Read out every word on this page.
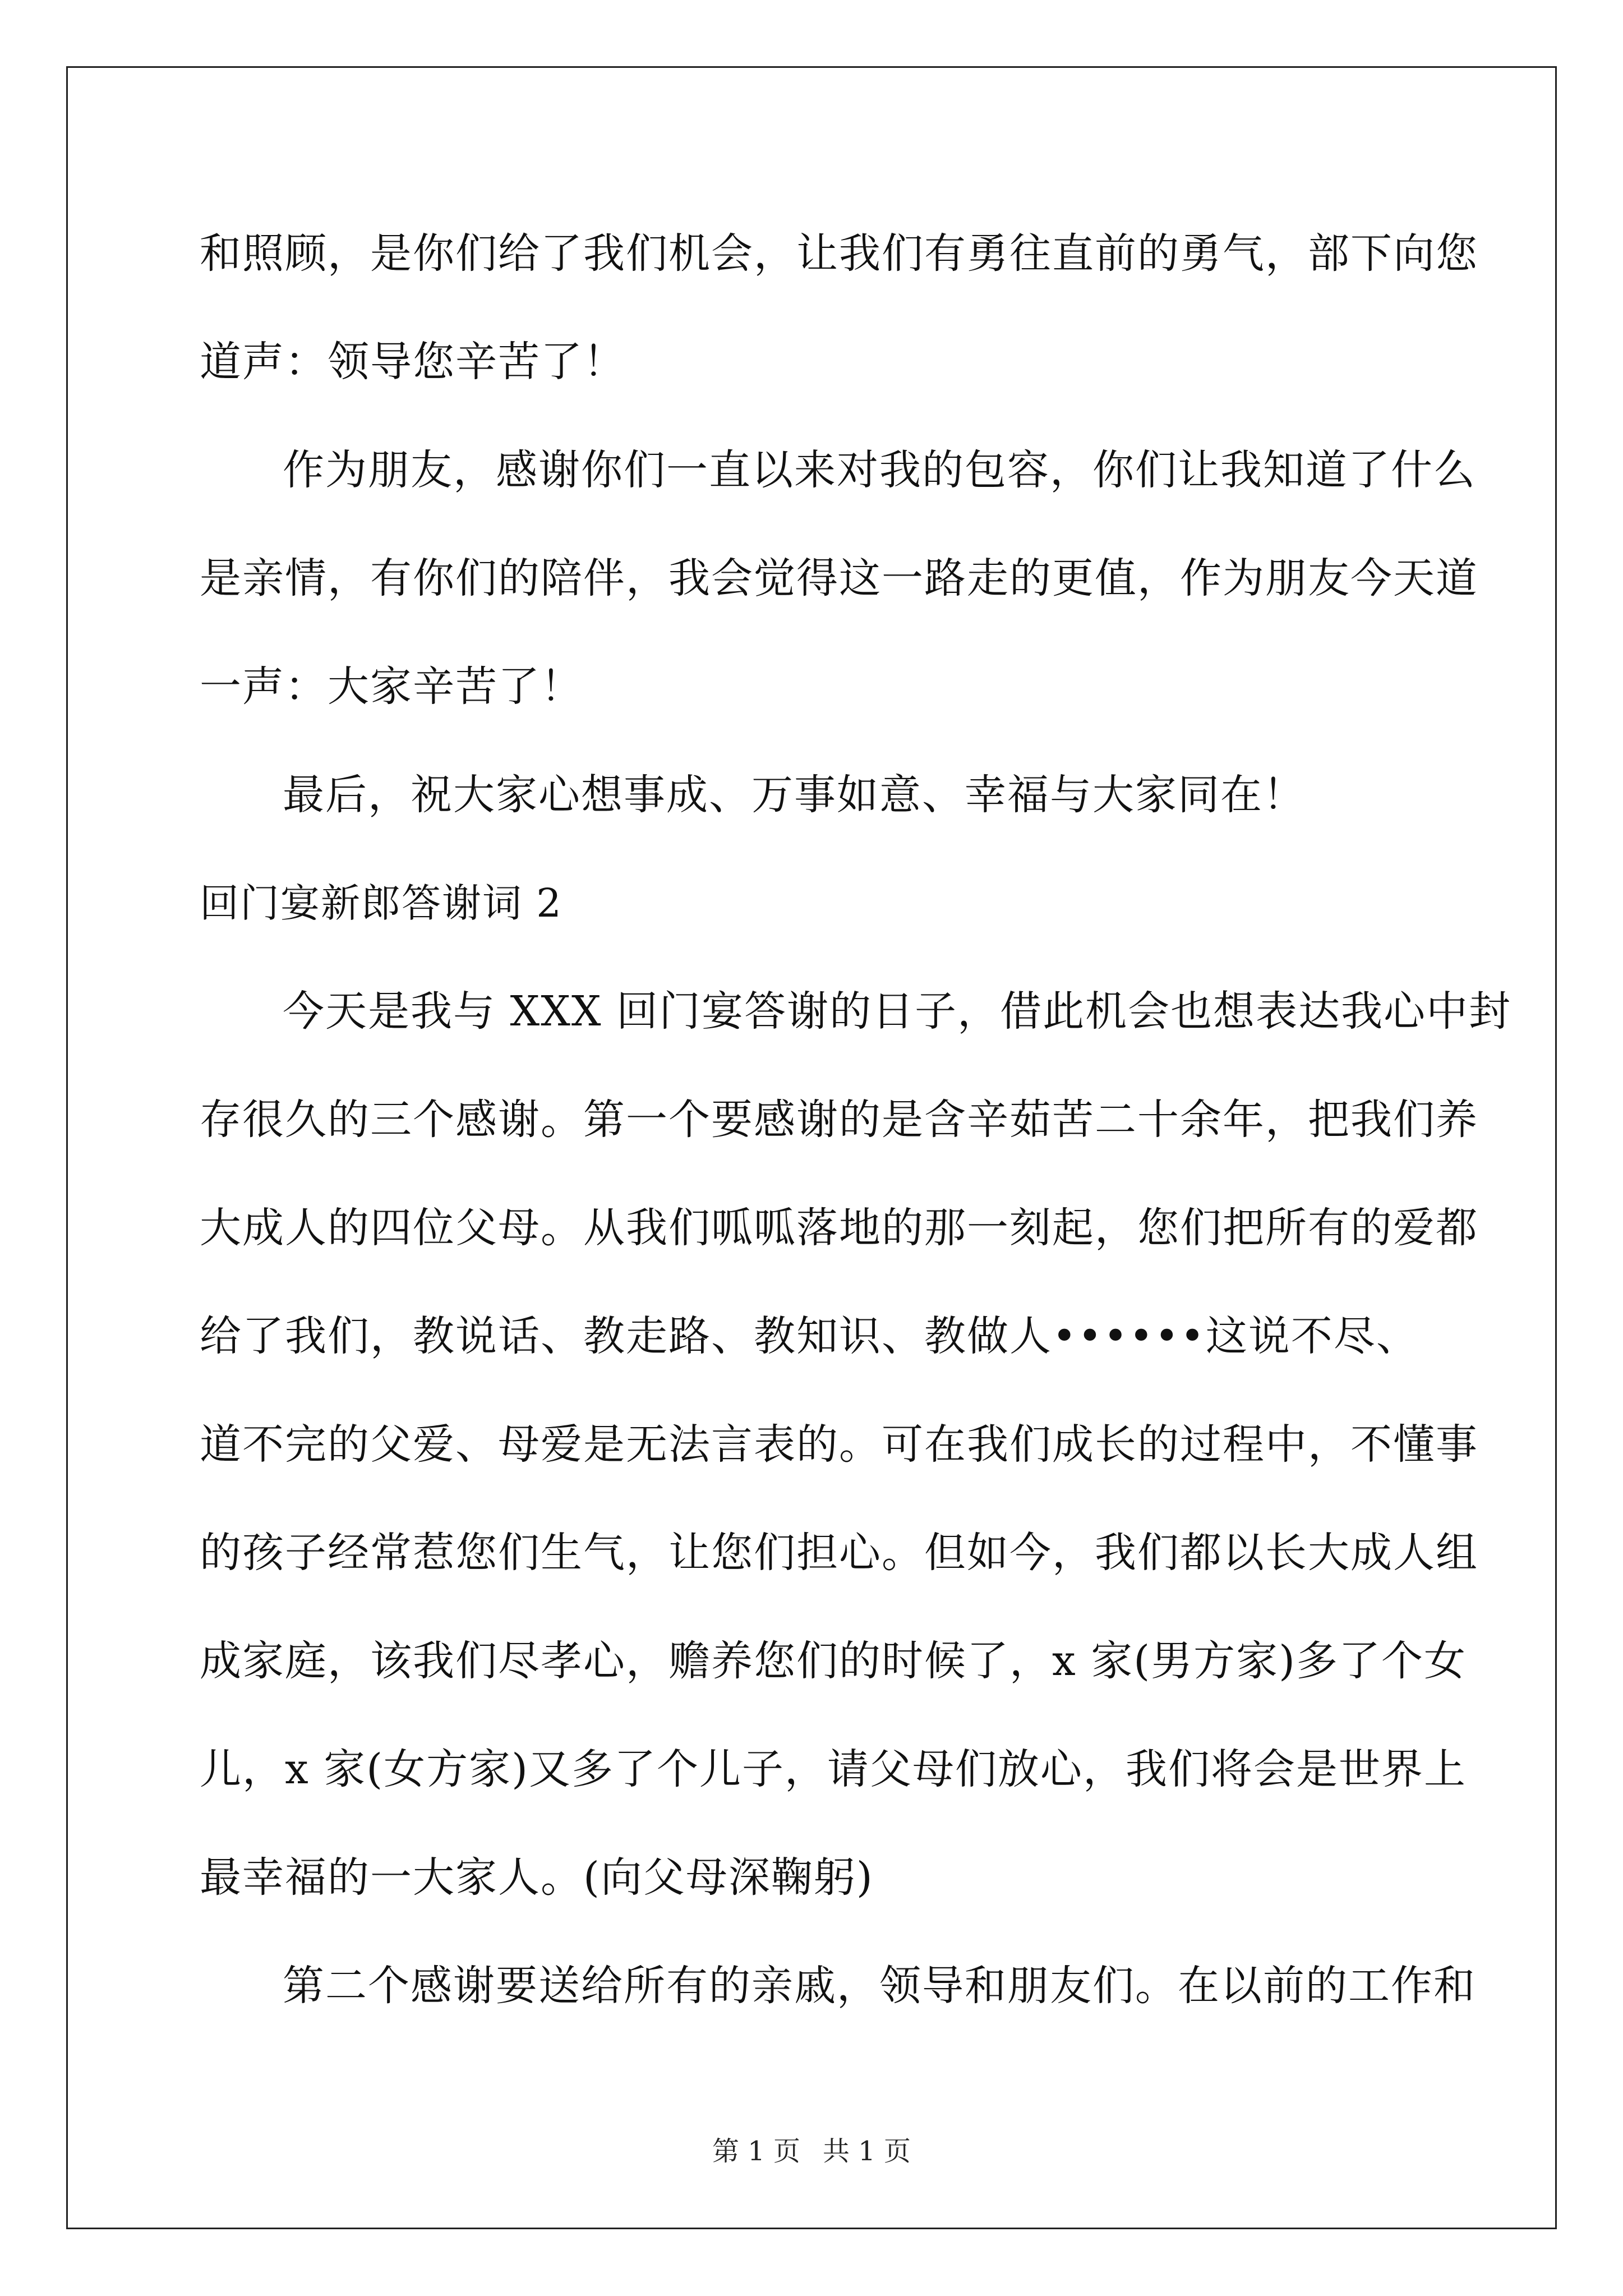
和照顾，是你们给了我们机会，让我们有勇往直前的勇气，部下向您
道声：领导您辛苦了！
作为朋友，感谢你们一直以来对我的包容，你们让我知道了什么
是亲情，有你们的陪伴，我会觉得这一路走的更值，作为朋友今天道
一声：大家辛苦了！
最后，祝大家心想事成、万事如意、幸福与大家同在！
回门宴新郎答谢词 2
今天是我与 XXX 回门宴答谢的日子，借此机会也想表达我心中封
存很久的三个感谢。第一个要感谢的是含辛茹苦二十余年，把我们养
大成人的四位父母。从我们呱呱落地的那一刻起，您们把所有的爱都
给了我们，教说话、教走路、教知识、教做人••••••这说不尽、
道不完的父爱、母爱是无法言表的。可在我们成长的过程中，不懂事
的孩子经常惹您们生气，让您们担心。但如今，我们都以长大成人组
成家庭，该我们尽孝心，赡养您们的时候了，x 家(男方家)多了个女
儿，x 家(女方家)又多了个儿子，请父母们放心，我们将会是世界上
最幸福的一大家人。(向父母深鞠躬)
第二个感谢要送给所有的亲戚，领导和朋友们。在以前的工作和
第 1 页 共 1 页
